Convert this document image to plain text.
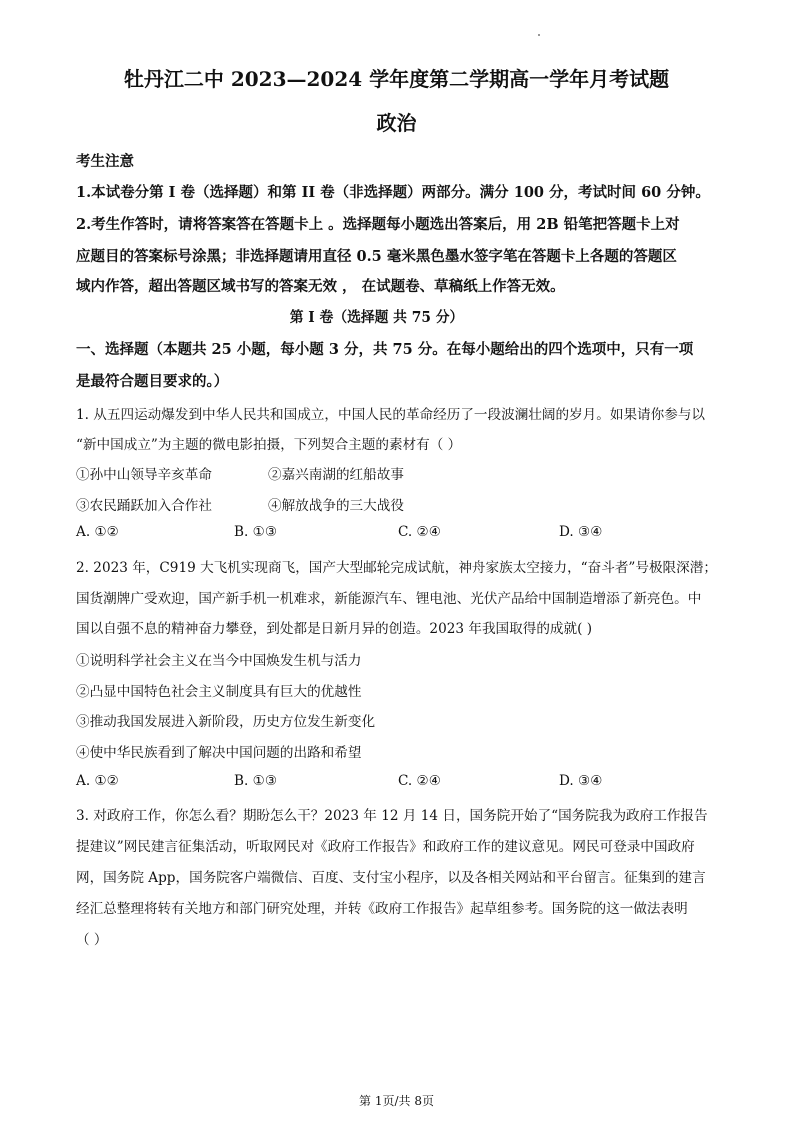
牡丹江二中 2023—2024 学年度第二学期高一学年月考试题
政治
考生注意
1.本试卷分第 I 卷（选择题）和第 II 卷（非选择题）两部分。满分 100 分，考试时间 60 分钟。
2.考生作答时，请将答案答在答题卡上 。选择题每小题选出答案后，用 2B 铅笔把答题卡上对
应题目的答案标号涂黑；非选择题请用直径 0.5 毫米黑色墨水签字笔在答题卡上各题的答题区
域内作答，超出答题区域书写的答案无效 ， 在试题卷、草稿纸上作答无效。
第 I 卷（选择题 共 75 分）
一、选择题（本题共 25 小题，每小题 3 分，共 75 分。在每小题给出的四个选项中，只有一项
是最符合题目要求的。）
1. 从五四运动爆发到中华人民共和国成立，中国人民的革命经历了一段波澜壮阔的岁月。如果请你参与以
“新中国成立”为主题的微电影拍摄，下列契合主题的素材有（ ）
①孙中山领导辛亥革命	②嘉兴南湖的红船故事
③农民踊跃加入合作社	④解放战争的三大战役
A. ①②	B. ①③	C. ②④	D. ③④
2. 2023 年，C919 大飞机实现商飞，国产大型邮轮完成试航，神舟家族太空接力，“奋斗者”号极限深潜；
国货潮牌广受欢迎，国产新手机一机难求，新能源汽车、锂电池、光伏产品给中国制造增添了新亮色。中
国以自强不息的精神奋力攀登，到处都是日新月异的创造。2023 年我国取得的成就( )
①说明科学社会主义在当今中国焕发生机与活力
②凸显中国特色社会主义制度具有巨大的优越性
③推动我国发展进入新阶段，历史方位发生新变化
④使中华民族看到了解决中国问题的出路和希望
A. ①②	B. ①③	C. ②④	D. ③④
3. 对政府工作，你怎么看？期盼怎么干？2023 年 12 月 14 日，国务院开始了“国务院我为政府工作报告
提建议”网民建言征集活动，听取网民对《政府工作报告》和政府工作的建议意见。网民可登录中国政府
网，国务院 App，国务院客户端微信、百度、支付宝小程序，以及各相关网站和平台留言。征集到的建言
经汇总整理将转有关地方和部门研究处理，并转《政府工作报告》起草组参考。国务院的这一做法表明
（ ）
第 1页/共 8页
